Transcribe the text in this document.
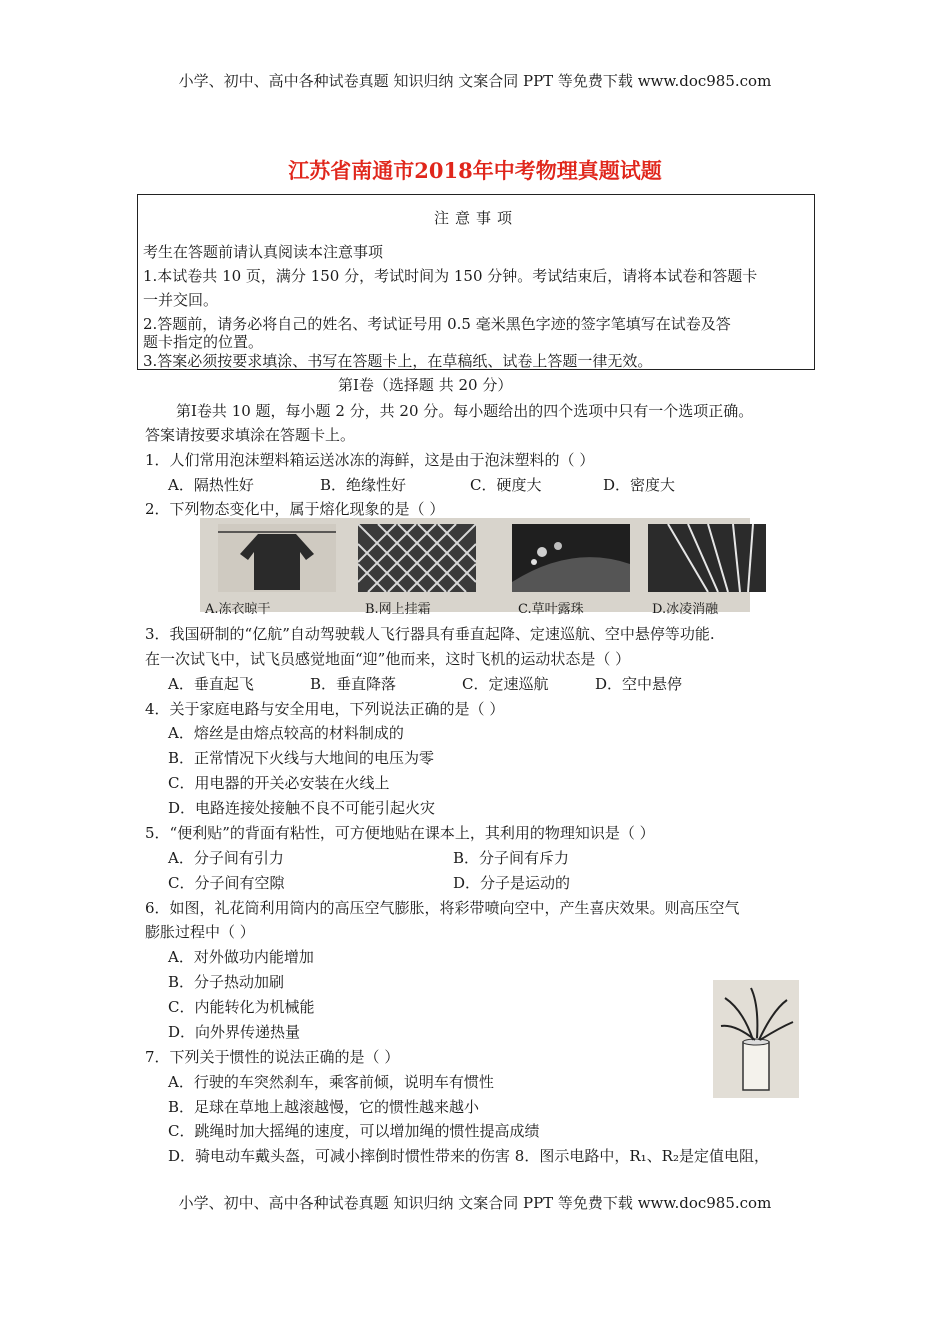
小学、初中、高中各种试卷真题 知识归纳 文案合同 PPT 等免费下载 www.doc985.com
江苏省南通市2018年中考物理真题试题
注意事项
考生在答题前请认真阅读本注意事项
1.本试卷共 10 页，满分 150 分，考试时间为 150 分钟。考试结束后，请将本试卷和答题卡
一并交回。
2.答题前，请务必将自己的姓名、考试证号用 0.5 毫米黑色字迹的签字笔填写在试卷及答
题卡指定的位置。
3.答案必须按要求填涂、书写在答题卡上，在草稿纸、试卷上答题一律无效。
第Ⅰ卷（选择题 共 20 分）
第Ⅰ卷共 10 题，每小题 2 分，共 20 分。每小题给出的四个选项中只有一个选项正确。
答案请按要求填涂在答题卡上。
1．人们常用泡沫塑料箱运送冰冻的海鲜，这是由于泡沫塑料的（ ）
A．隔热性好	B．绝缘性好	C．硬度大	D．密度大
2．下列物态变化中，属于熔化现象的是（ ）
A.冻衣晾干	B.网上挂霜	C.草叶露珠	D.冰凌消融
3．我国研制的“亿航”自动驾驶载人飞行器具有垂直起降、定速巡航、空中悬停等功能.
在一次试飞中，试飞员感觉地面“迎”他而来，这时飞机的运动状态是（ ）
A．垂直起飞	B．垂直降落	C．定速巡航	D．空中悬停
4．关于家庭电路与安全用电，下列说法正确的是（ ）
A．熔丝是由熔点较高的材料制成的
B．正常情况下火线与大地间的电压为零
C．用电器的开关必安装在火线上
D．电路连接处接触不良不可能引起火灾
5．“便利贴”的背面有粘性，可方便地贴在课本上，其利用的物理知识是（ ）
A．分子间有引力	B．分子间有斥力
C．分子间有空隙	D．分子是运动的
6．如图，礼花筒利用筒内的高压空气膨胀，将彩带喷向空中，产生喜庆效果。则高压空气
膨胀过程中（ ）
A．对外做功内能增加
B．分子热动加刷
C．内能转化为机械能
D．向外界传递热量
7．下列关于惯性的说法正确的是（ ）
A．行驶的车突然刹车，乘客前倾，说明车有惯性
B．足球在草地上越滚越慢，它的惯性越来越小
C．跳绳时加大摇绳的速度，可以增加绳的惯性提高成绩
D．骑电动车戴头盔，可减小摔倒时惯性带来的伤害 8．图示电路中，R₁、R₂是定值电阻，
小学、初中、高中各种试卷真题 知识归纳 文案合同 PPT 等免费下载 www.doc985.com
